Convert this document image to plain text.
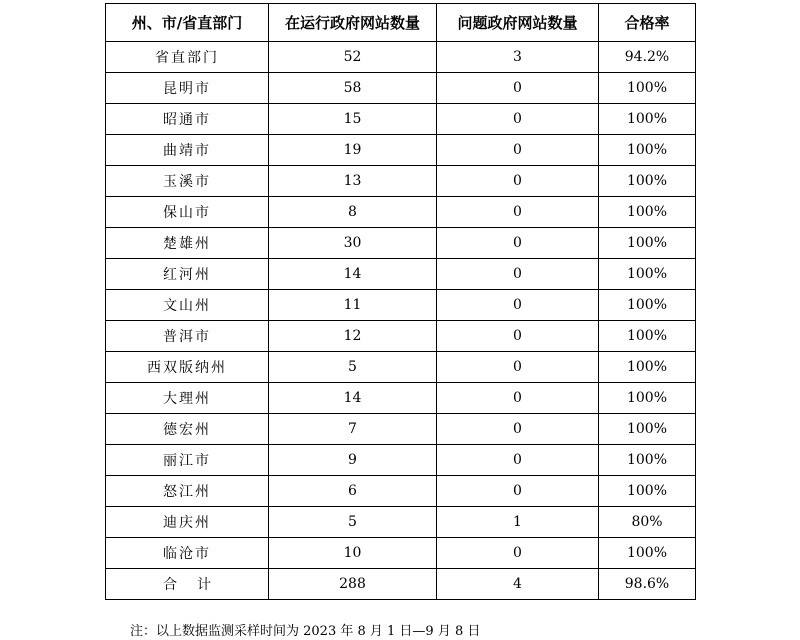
州、市/省直部门	在运行政府网站数量	问题政府网站数量	合格率
省直部门	52	3	94.2%
昆明市	58	0	100%
昭通市	15	0	100%
曲靖市	19	0	100%
玉溪市	13	0	100%
保山市	8	0	100%
楚雄州	30	0	100%
红河州	14	0	100%
文山州	11	0	100%
普洱市	12	0	100%
西双版纳州	5	0	100%
大理州	14	0	100%
德宏州	7	0	100%
丽江市	9	0	100%
怒江州	6	0	100%
迪庆州	5	1	80%
临沧市	10	0	100%
合计	288	4	98.6%
注：以上数据监测采样时间为 2023 年 8 月 1 日—9 月 8 日
